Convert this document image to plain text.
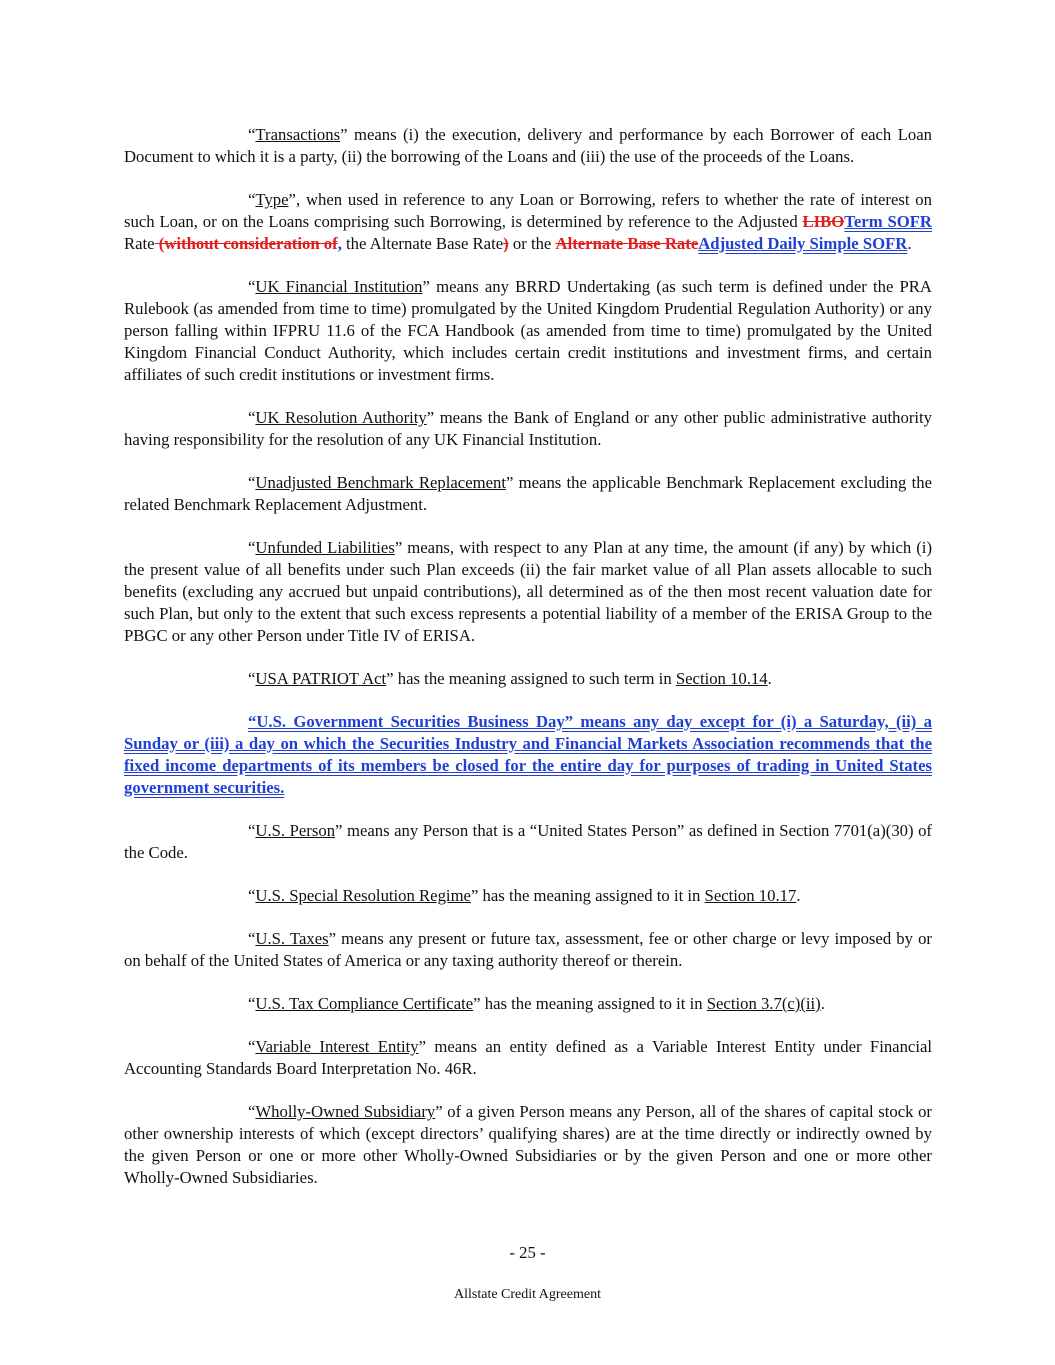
“Transactions” means (i) the execution, delivery and performance by each Borrower of each Loan Document to which it is a party, (ii) the borrowing of the Loans and (iii) the use of the proceeds of the Loans.

“Type”, when used in reference to any Loan or Borrowing, refers to whether the rate of interest on such Loan, or on the Loans comprising such Borrowing, is determined by reference to the Adjusted LIBOTerm SOFR Rate (without consideration of, the Alternate Base Rate) or the Alternate Base RateAdjusted Daily Simple SOFR.

“UK Financial Institution” means any BRRD Undertaking (as such term is defined under the PRA Rulebook (as amended from time to time) promulgated by the United Kingdom Prudential Regulation Authority) or any person falling within IFPRU 11.6 of the FCA Handbook (as amended from time to time) promulgated by the United Kingdom Financial Conduct Authority, which includes certain credit institutions and investment firms, and certain affiliates of such credit institutions or investment firms.

“UK Resolution Authority” means the Bank of England or any other public administrative authority having responsibility for the resolution of any UK Financial Institution.

“Unadjusted Benchmark Replacement” means the applicable Benchmark Replacement excluding the related Benchmark Replacement Adjustment.

“Unfunded Liabilities” means, with respect to any Plan at any time, the amount (if any) by which (i) the present value of all benefits under such Plan exceeds (ii) the fair market value of all Plan assets allocable to such benefits (excluding any accrued but unpaid contributions), all determined as of the then most recent valuation date for such Plan, but only to the extent that such excess represents a potential liability of a member of the ERISA Group to the PBGC or any other Person under Title IV of ERISA.

“USA PATRIOT Act” has the meaning assigned to such term in Section 10.14.

“U.S. Government Securities Business Day” means any day except for (i) a Saturday, (ii) a Sunday or (iii) a day on which the Securities Industry and Financial Markets Association recommends that the fixed income departments of its members be closed for the entire day for purposes of trading in United States government securities.

“U.S. Person” means any Person that is a “United States Person” as defined in Section 7701(a)(30) of the Code.

“U.S. Special Resolution Regime” has the meaning assigned to it in Section 10.17.

“U.S. Taxes” means any present or future tax, assessment, fee or other charge or levy imposed by or on behalf of the United States of America or any taxing authority thereof or therein.

“U.S. Tax Compliance Certificate” has the meaning assigned to it in Section 3.7(c)(ii).

“Variable Interest Entity” means an entity defined as a Variable Interest Entity under Financial Accounting Standards Board Interpretation No. 46R.

“Wholly-Owned Subsidiary” of a given Person means any Person, all of the shares of capital stock or other ownership interests of which (except directors’ qualifying shares) are at the time directly or indirectly owned by the given Person or one or more other Wholly-Owned Subsidiaries or by the given Person and one or more other Wholly-Owned Subsidiaries.

- 25 -
Allstate Credit Agreement
